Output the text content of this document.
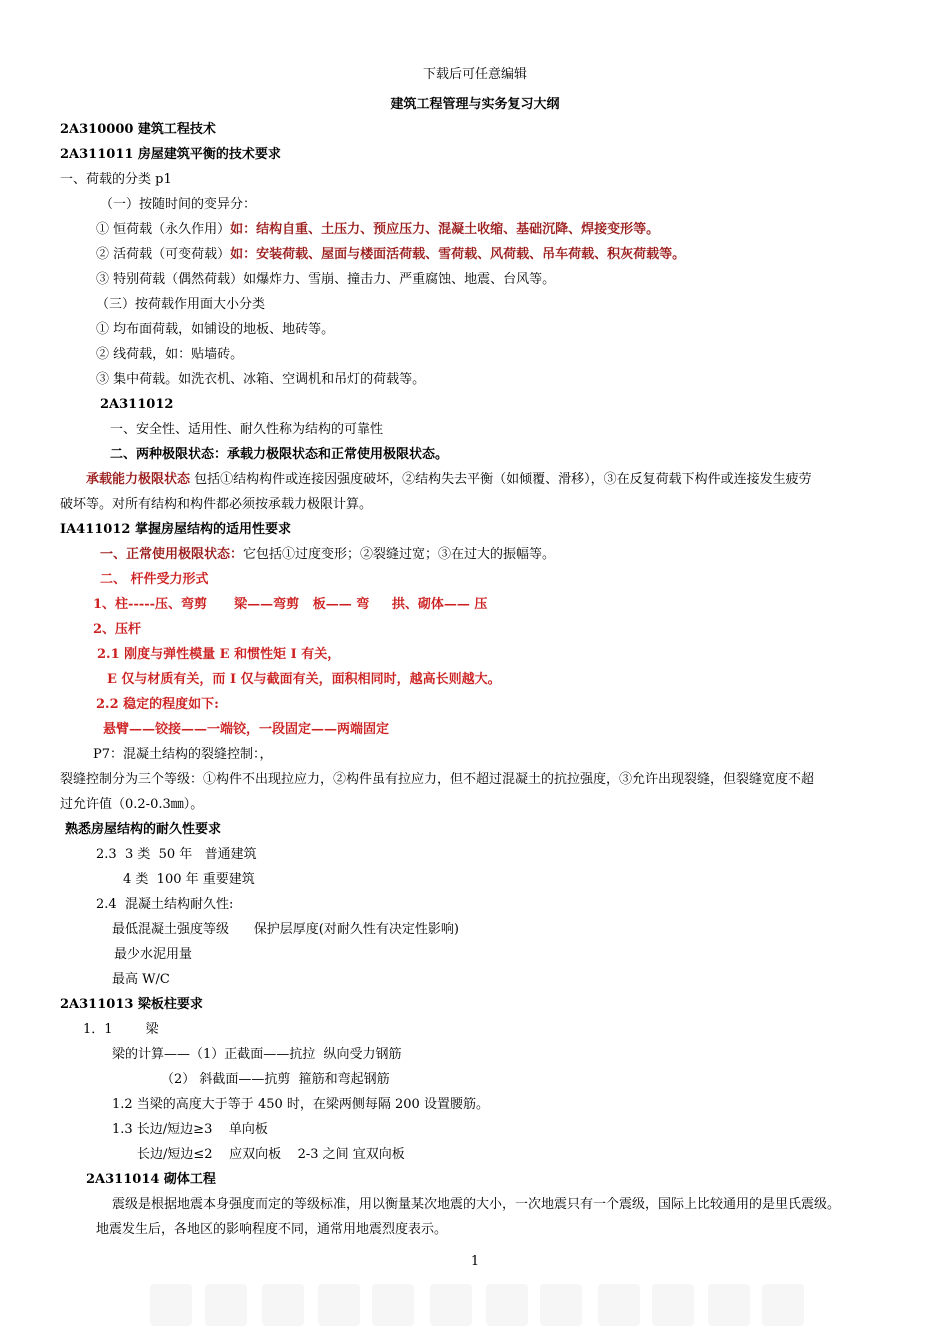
下载后可任意编辑
建筑工程管理与实务复习大纲
2A310000 建筑工程技术
2A311011 房屋建筑平衡的技术要求
一、荷载的分类 p1
（一）按随时间的变异分：
① 恒荷载（永久作用）如：结构自重、土压力、预应压力、混凝土收缩、基础沉降、焊接变形等。
② 活荷载（可变荷载）如：安装荷载、屋面与楼面活荷载、雪荷载、风荷载、吊车荷载、积灰荷载等。
③ 特别荷载（偶然荷载）如爆炸力、雪崩、撞击力、严重腐蚀、地震、台风等。
（三）按荷载作用面大小分类
① 均布面荷载，如铺设的地板、地砖等。
② 线荷载，如：贴墙砖。
③ 集中荷载。如洗衣机、冰箱、空调机和吊灯的荷载等。
2A311012
一、安全性、适用性、耐久性称为结构的可靠性
二、两种极限状态：承载力极限状态和正常使用极限状态。
承载能力极限状态 包括①结构构件或连接因强度破坏，②结构失去平衡（如倾覆、滑移），③在反复荷载下构件或连接发生疲劳
破坏等。对所有结构和构件都必须按承载力极限计算。
IA411012 掌握房屋结构的适用性要求
一、正常使用极限状态：它包括①过度变形；②裂缝过宽；③在过大的振幅等。
二、 杆件受力形式
1、柱-----压、弯剪      梁——弯剪   板—— 弯     拱、砌体—— 压
2、压杆
2.1 刚度与弹性模量 E 和惯性矩 I 有关，
E 仅与材质有关，而 I 仅与截面有关，面积相同时，越高长则越大。
2.2 稳定的程度如下:
悬臂——铰接——一端铰，一段固定——两端固定
P7：混凝土结构的裂缝控制：，
裂缝控制分为三个等级：①构件不出现拉应力，②构件虽有拉应力，但不超过混凝土的抗拉强度，③允许出现裂缝，但裂缝宽度不超
过允许值（0.2-0.3㎜）。
熟悉房屋结构的耐久性要求
2.3  3 类  50 年   普通建筑
4 类  100 年 重要建筑
2.4  混凝土结构耐久性:
最低混凝土强度等级      保护层厚度(对耐久性有决定性影响)
最少水泥用量
最高 W/C
2A311013 梁板柱要求
1．1        梁
梁的计算——（1）正截面——抗拉  纵向受力钢筋
（2） 斜截面——抗剪  箍筋和弯起钢筋
1.2 当梁的高度大于等于 450 时，在梁两侧每隔 200 设置腰筋。
1.3 长边/短边≥3    单向板
长边/短边≤2    应双向板    2-3 之间 宜双向板
2A311014 砌体工程
震级是根据地震本身强度而定的等级标准，用以衡量某次地震的大小，一次地震只有一个震级，国际上比较通用的是里氏震级。
地震发生后，各地区的影响程度不同，通常用地震烈度表示。
1
